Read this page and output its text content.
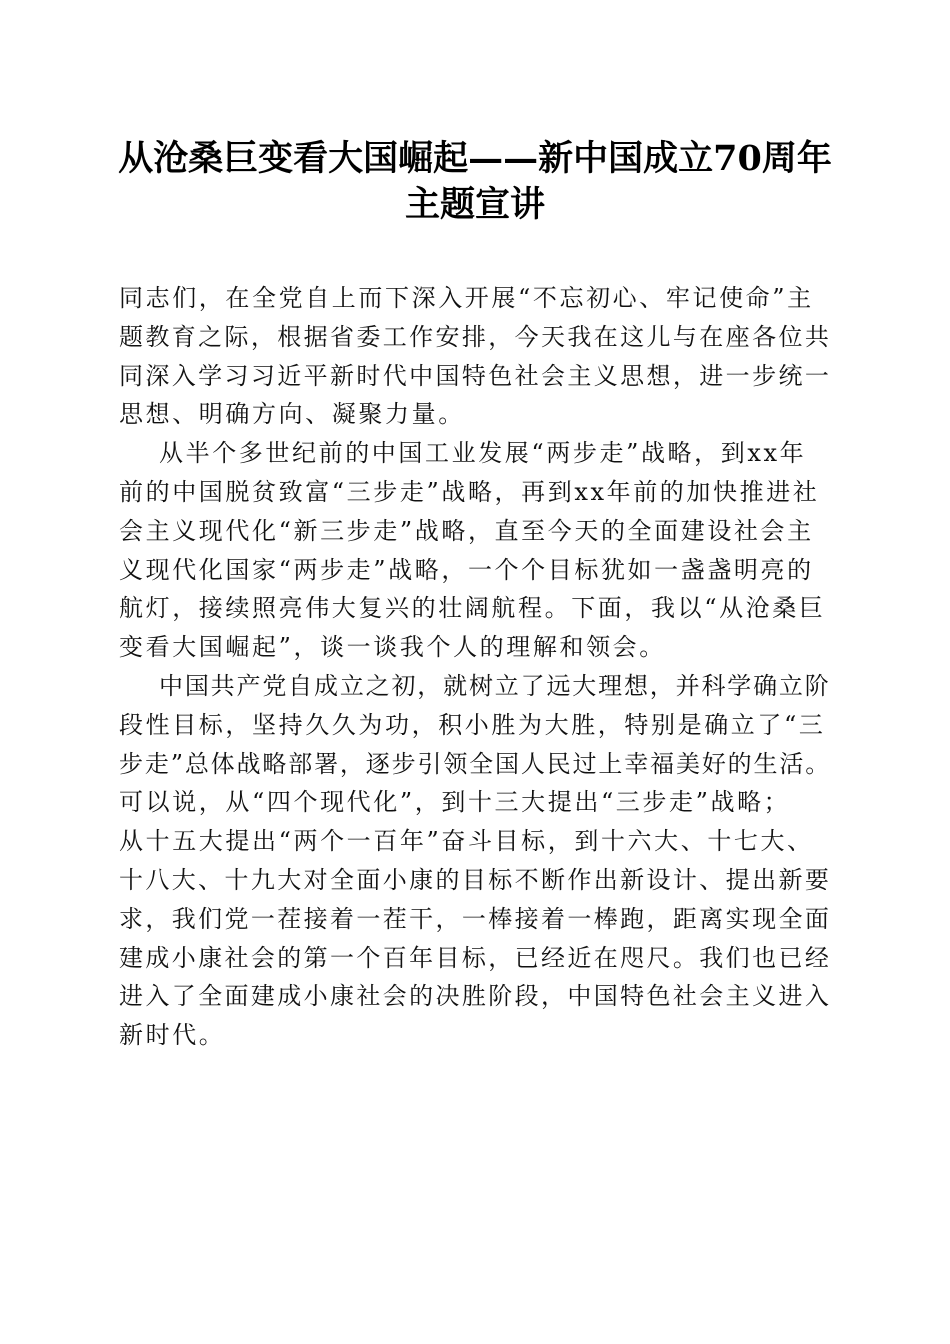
从沧桑巨变看大国崛起——新中国成立70周年主题宣讲

同志们，在全党自上而下深入开展“不忘初心、牢记使命”主
题教育之际，根据省委工作安排，今天我在这儿与在座各位共
同深入学习习近平新时代中国特色社会主义思想，进一步统一
思想、明确方向、凝聚力量。

从半个多世纪前的中国工业发展“两步走”战略，到xx年
前的中国脱贫致富“三步走”战略，再到xx年前的加快推进社
会主义现代化“新三步走”战略，直至今天的全面建设社会主
义现代化国家“两步走”战略，一个个目标犹如一盏盏明亮的
航灯，接续照亮伟大复兴的壮阔航程。下面，我以“从沧桑巨
变看大国崛起”，谈一谈我个人的理解和领会。

中国共产党自成立之初，就树立了远大理想，并科学确立阶
段性目标，坚持久久为功，积小胜为大胜，特别是确立了“三
步走”总体战略部署，逐步引领全国人民过上幸福美好的生活。
可以说，从“四个现代化”，到十三大提出“三步走”战略；
从十五大提出“两个一百年”奋斗目标，到十六大、十七大、
十八大、十九大对全面小康的目标不断作出新设计、提出新要
求，我们党一茬接着一茬干，一棒接着一棒跑，距离实现全面
建成小康社会的第一个百年目标，已经近在咫尺。我们也已经
进入了全面建成小康社会的决胜阶段，中国特色社会主义进入
新时代。
